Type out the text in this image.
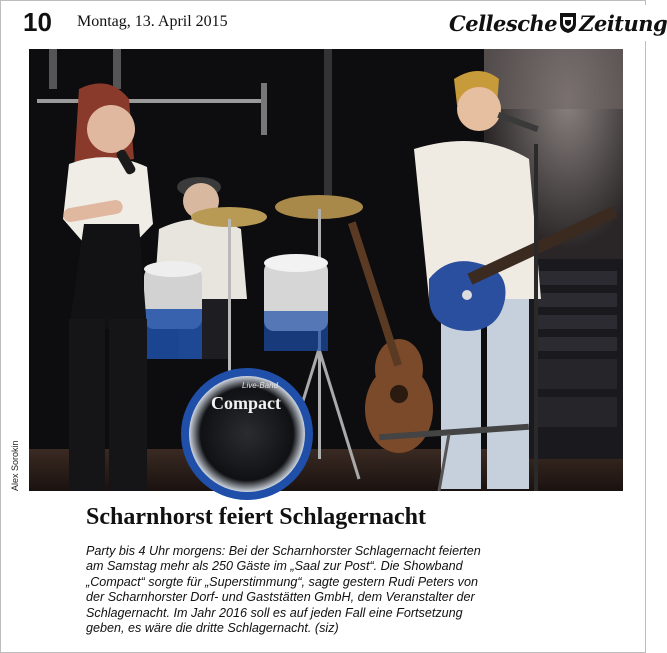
10 Montag, 13. April 2015	Cellesche Zeitung
Live-Band
Compact
Alex Sorokin
Scharnhorst feiert Schlagernacht
Party bis 4 Uhr morgens: Bei der Scharnhorster Schlagernacht feierten
am Samstag mehr als 250 Gäste im „Saal zur Post“. Die Showband
„Compact“ sorgte für „Superstimmung“, sagte gestern Rudi Peters von
der Scharnhorster Dorf- und Gaststätten GmbH, dem Veranstalter der
Schlagernacht. Im Jahr 2016 soll es auf jeden Fall eine Fortsetzung
geben, es wäre die dritte Schlagernacht. (siz)
